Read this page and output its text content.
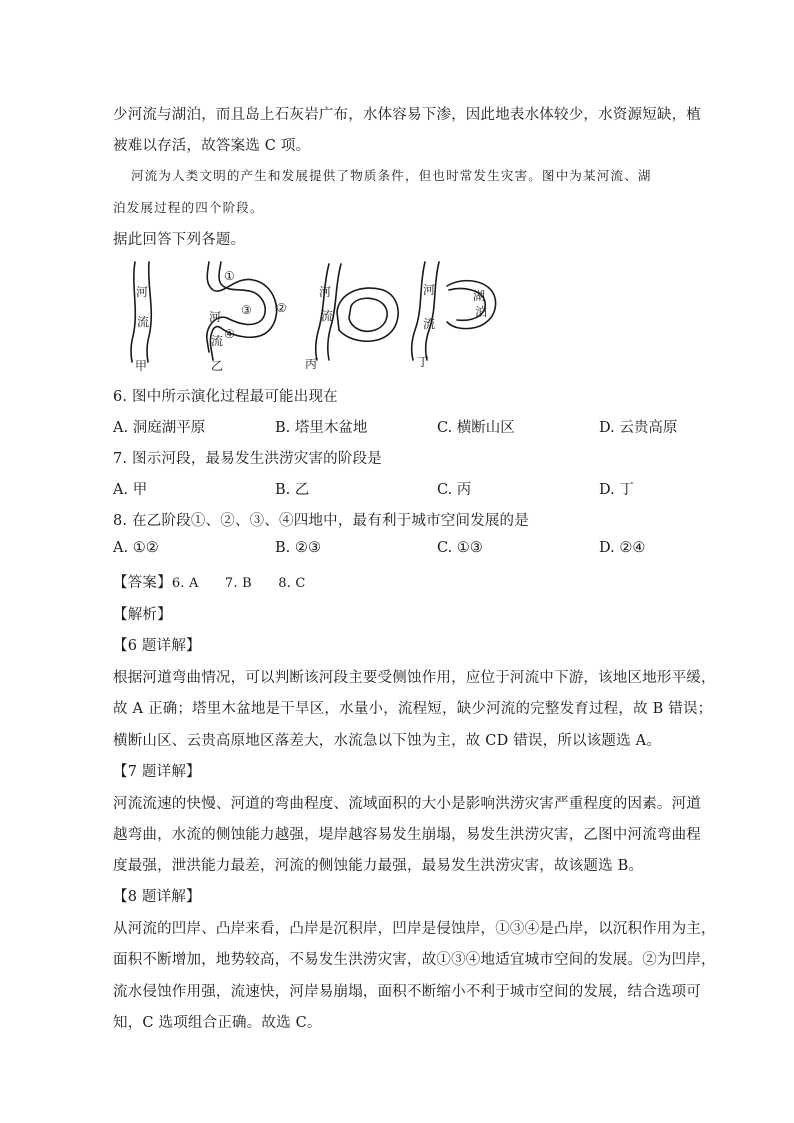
少河流与湖泊，而且岛上石灰岩广布，水体容易下渗，因此地表水体较少，水资源短缺，植
被难以存活，故答案选 C 项。
河流为人类文明的产生和发展提供了物质条件，但也时常发生灾害。图中为某河流、湖
泊发展过程的四个阶段。
据此回答下列各题。
河
流
甲
河
流
①
②
③
④
乙
河
流
丙
河
流
湖
泊
丁
6. 图中所示演化过程最可能出现在
A. 洞庭湖平原	B. 塔里木盆地	C. 横断山区	D. 云贵高原
7. 图示河段，最易发生洪涝灾害的阶段是
A. 甲	B. 乙	C. 丙	D. 丁
8. 在乙阶段①、②、③、④四地中，最有利于城市空间发展的是
A. ①②	B. ②③	C. ①③	D. ②④
【答案】6. A　　7. B　　8. C
【解析】
【6 题详解】
根据河道弯曲情况，可以判断该河段主要受侧蚀作用，应位于河流中下游，该地区地形平缓，
故 A 正确；塔里木盆地是干旱区，水量小，流程短，缺少河流的完整发育过程，故 B 错误；
横断山区、云贵高原地区落差大，水流急以下蚀为主，故 CD 错误，所以该题选 A。
【7 题详解】
河流流速的快慢、河道的弯曲程度、流域面积的大小是影响洪涝灾害严重程度的因素。河道
越弯曲，水流的侧蚀能力越强，堤岸越容易发生崩塌，易发生洪涝灾害，乙图中河流弯曲程
度最强，泄洪能力最差，河流的侧蚀能力最强，最易发生洪涝灾害，故该题选 B。
【8 题详解】
从河流的凹岸、凸岸来看，凸岸是沉积岸，凹岸是侵蚀岸，①③④是凸岸，以沉积作用为主，
面积不断增加，地势较高，不易发生洪涝灾害，故①③④地适宜城市空间的发展。②为凹岸，
流水侵蚀作用强，流速快，河岸易崩塌，面积不断缩小不利于城市空间的发展，结合选项可
知，C 选项组合正确。故选 C。
